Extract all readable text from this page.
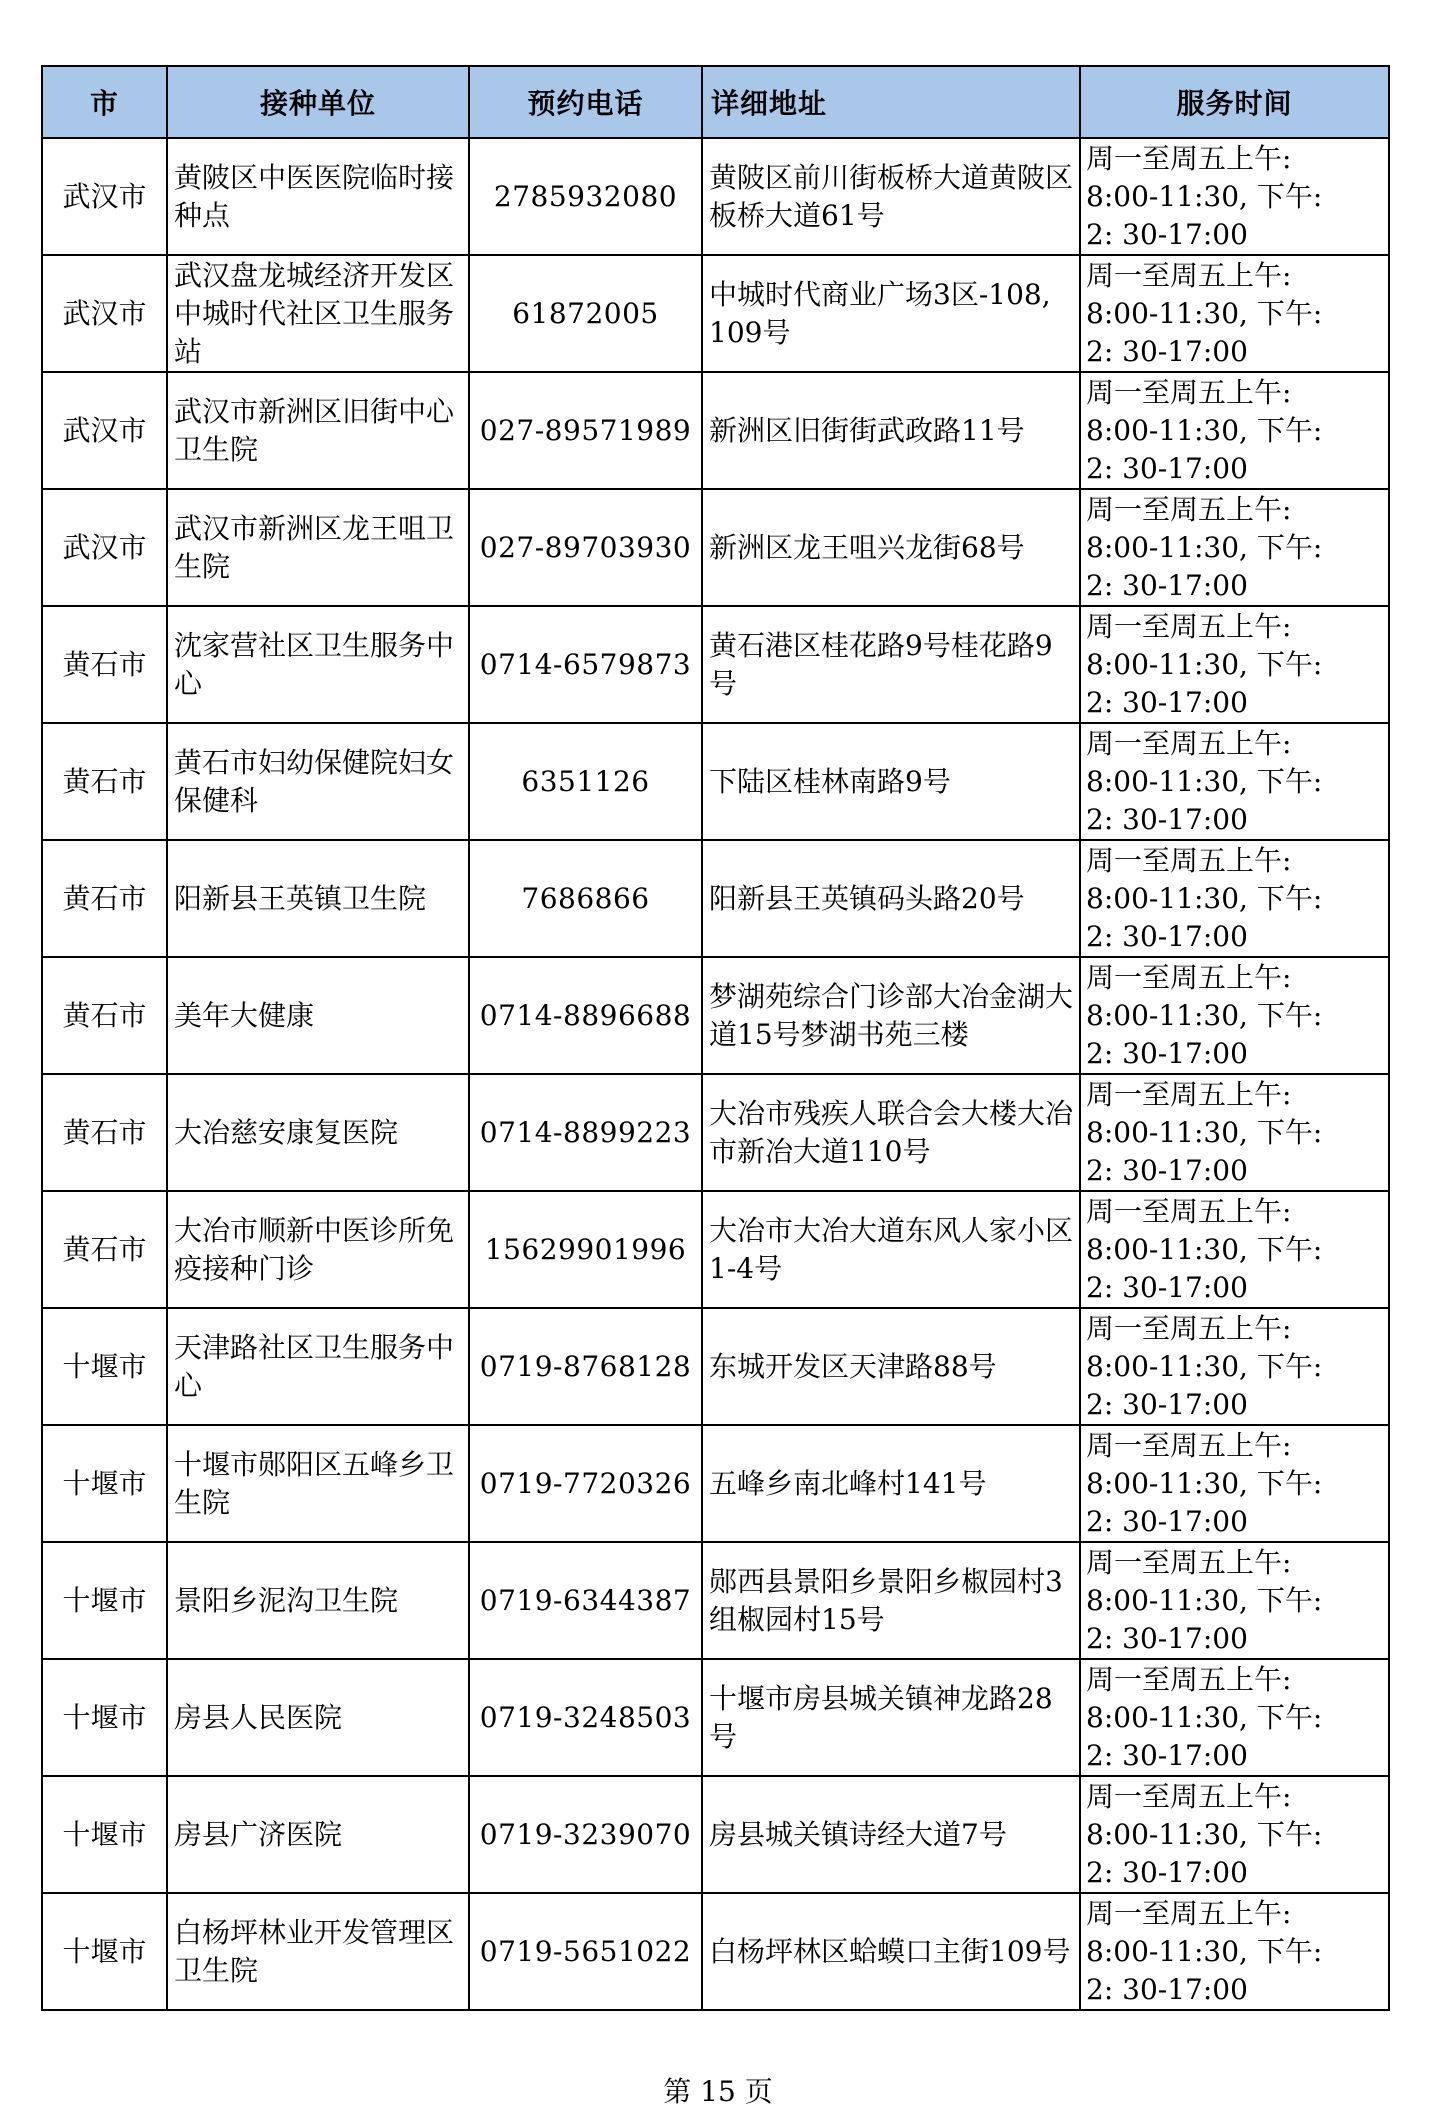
市	接种单位	预约电话	详细地址	服务时间
武汉市	黄陂区中医医院临时接种点	2785932080	黄陂区前川街板桥大道黄陂区板桥大道61号	周一至周五上午:
8:00-11:30, 下午:
2: 30-17:00

武汉市	武汉盘龙城经济开发区中城时代社区卫生服务站	61872005	中城时代商业广场3区-108, 109号	周一至周五上午:
8:00-11:30, 下午:
2: 30-17:00

武汉市	武汉市新洲区旧街中心卫生院	027-89571989	新洲区旧街街武政路11号	周一至周五上午:
8:00-11:30, 下午:
2: 30-17:00

武汉市	武汉市新洲区龙王咀卫生院	027-89703930	新洲区龙王咀兴龙街68号	周一至周五上午:
8:00-11:30, 下午:
2: 30-17:00

黄石市	沈家营社区卫生服务中心	0714-6579873	黄石港区桂花路9号桂花路9号	周一至周五上午:
8:00-11:30, 下午:
2: 30-17:00

黄石市	黄石市妇幼保健院妇女保健科	6351126	下陆区桂林南路9号	周一至周五上午:
8:00-11:30, 下午:
2: 30-17:00

黄石市	阳新县王英镇卫生院	7686866	阳新县王英镇码头路20号	周一至周五上午:
8:00-11:30, 下午:
2: 30-17:00

黄石市	美年大健康	0714-8896688	梦湖苑综合门诊部大冶金湖大道15号梦湖书苑三楼	周一至周五上午:
8:00-11:30, 下午:
2: 30-17:00

黄石市	大冶慈安康复医院	0714-8899223	大冶市残疾人联合会大楼大冶市新冶大道110号	周一至周五上午:
8:00-11:30, 下午:
2: 30-17:00

黄石市	大冶市顺新中医诊所免疫接种门诊	15629901996	大冶市大冶大道东风人家小区1-4号	周一至周五上午:
8:00-11:30, 下午:
2: 30-17:00

十堰市	天津路社区卫生服务中心	0719-8768128	东城开发区天津路88号	周一至周五上午:
8:00-11:30, 下午:
2: 30-17:00

十堰市	十堰市郧阳区五峰乡卫生院	0719-7720326	五峰乡南北峰村141号	周一至周五上午:
8:00-11:30, 下午:
2: 30-17:00

十堰市	景阳乡泥沟卫生院	0719-6344387	郧西县景阳乡景阳乡椒园村3组椒园村15号	周一至周五上午:
8:00-11:30, 下午:
2: 30-17:00

十堰市	房县人民医院	0719-3248503	十堰市房县城关镇神龙路28号	周一至周五上午:
8:00-11:30, 下午:
2: 30-17:00

十堰市	房县广济医院	0719-3239070	房县城关镇诗经大道7号	周一至周五上午:
8:00-11:30, 下午:
2: 30-17:00

十堰市	白杨坪林业开发管理区卫生院	0719-5651022	白杨坪林区蛤蟆口主街109号	周一至周五上午:
8:00-11:30, 下午:
2: 30-17:00
第 15 页
